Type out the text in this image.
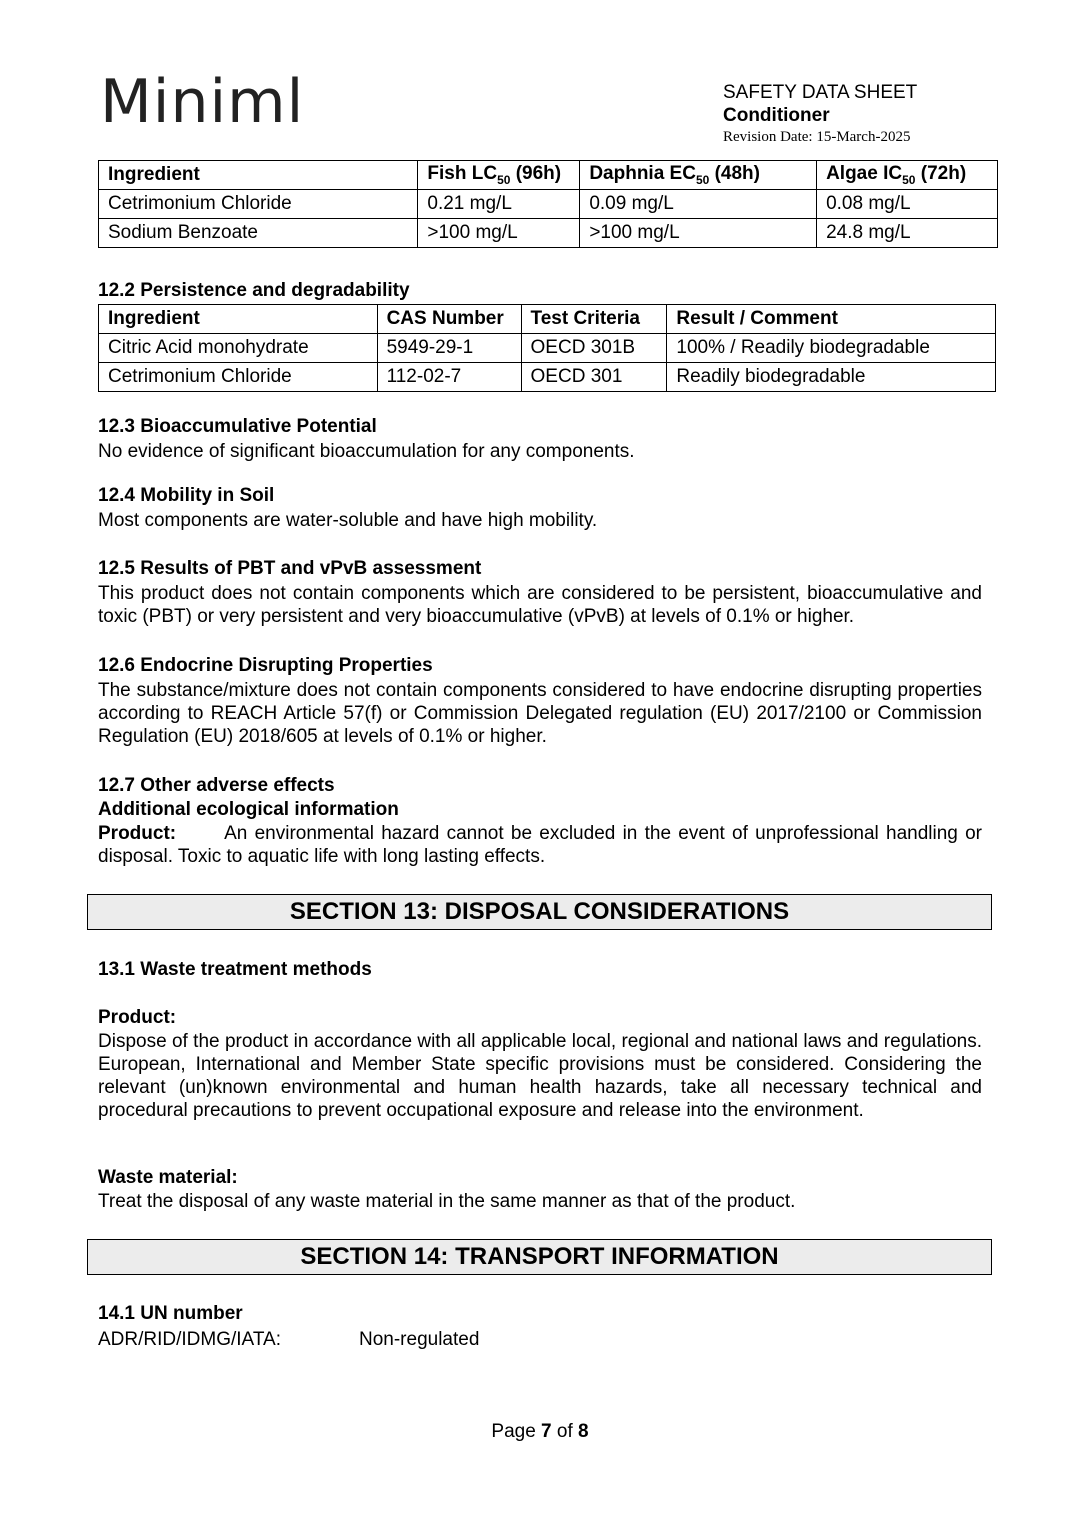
Miniml	SAFETY DATA SHEET
Conditioner
Revision Date: 15-March-2025
Ingredient	Fish $LC_{50}$ (96h)	Daphnia $EC_{50}$ (48h)	Algae $IC_{50}$ (72h)
Cetrimonium Chloride	0.21 mg/L	0.09 mg/L	0.08 mg/L
Sodium Benzoate	>100 mg/L	>100 mg/L	24.8 mg/L
12.2 Persistence and degradability
Ingredient	CAS Number	Test Criteria	Result / Comment
Citric Acid monohydrate	5949-29-1	OECD 301B	100% / Readily biodegradable
Cetrimonium Chloride	112-02-7	OECD 301	Readily biodegradable
12.3 Bioaccumulative Potential
No evidence of significant bioaccumulation for any components.
12.4 Mobility in Soil
Most components are water-soluble and have high mobility.
12.5 Results of PBT and vPvB assessment
This product does not contain components which are considered to be persistent, bioaccumulative and toxic (PBT) or very persistent and very bioaccumulative (vPvB) at levels of 0.1% or higher.
12.6 Endocrine Disrupting Properties
The substance/mixture does not contain components considered to have endocrine disrupting properties according to REACH Article 57(f) or Commission Delegated regulation (EU) 2017/2100 or Commission Regulation (EU) 2018/605 at levels of 0.1% or higher.
12.7 Other adverse effects
Additional ecological information
Product:	An environmental hazard cannot be excluded in the event of unprofessional handling or disposal. Toxic to aquatic life with long lasting effects.
SECTION 13: DISPOSAL CONSIDERATIONS
13.1 Waste treatment methods
Product:
Dispose of the product in accordance with all applicable local, regional and national laws and regulations. European, International and Member State specific provisions must be considered. Considering the relevant (un)known environmental and human health hazards, take all necessary technical and procedural precautions to prevent occupational exposure and release into the environment.
Waste material:
Treat the disposal of any waste material in the same manner as that of the product.
SECTION 14: TRANSPORT INFORMATION
14.1 UN number
ADR/RID/IDMG/IATA:	Non-regulated
Page 7 of 8
